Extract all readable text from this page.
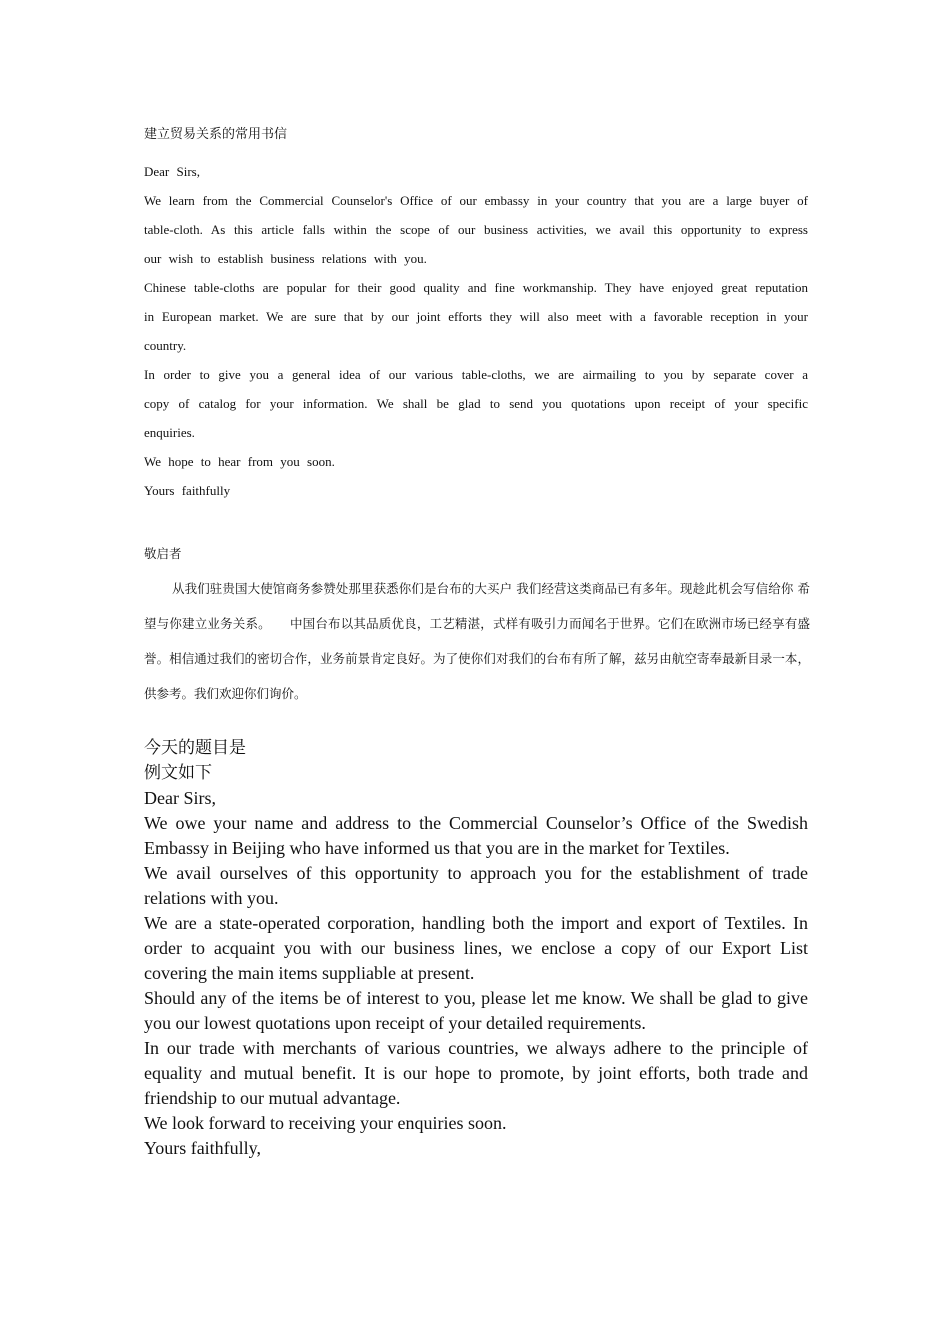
建立贸易关系的常用书信

Dear Sirs,

We learn from the Commercial Counselor's Office of our embassy in your country that you are a large buyer of table-cloth. As this article falls within the scope of our business activities, we avail this opportunity to express our wish to establish business relations with you.

Chinese table-cloths are popular for their good quality and fine workmanship. They have enjoyed great reputation in European market. We are sure that by our joint efforts they will also meet with a favorable reception in your country.

In order to give you a general idea of our various table-cloths, we are airmailing to you by separate cover a copy of catalog for your information. We shall be glad to send you quotations upon receipt of your specific enquiries.

We hope to hear from you soon.

Yours faithfully

敬启者

从我们驻贵国大使馆商务参赞处那里获悉你们是台布的大买户 我们经营这类商品已有多年。现趁此机会写信给你 希望与你建立业务关系。　　中国台布以其品质优良，工艺精湛，式样有吸引力而闻名于世界。它们在欧洲市场已经享有盛誉。相信通过我们的密切合作，业务前景肯定良好。为了使你们对我们的台布有所了解，兹另由航空寄奉最新目录一本，供参考。我们欢迎你们询价。

今天的题目是

例文如下

Dear Sirs,

We owe your name and address to the Commercial Counselor’s Office of the Swedish Embassy in Beijing who have informed us that you are in the market for Textiles.

We avail ourselves of this opportunity to approach you for the establishment of trade relations with you.

We are a state-operated corporation, handling both the import and export of Textiles. In order to acquaint you with our business lines, we enclose a copy of our Export List covering the main items suppliable at present.

Should any of the items be of interest to you, please let me know. We shall be glad to give you our lowest quotations upon receipt of your detailed requirements.

In our trade with merchants of various countries, we always adhere to the principle of equality and mutual benefit. It is our hope to promote, by joint efforts, both trade and friendship to our mutual advantage.

We look forward to receiving your enquiries soon.

Yours faithfully,
